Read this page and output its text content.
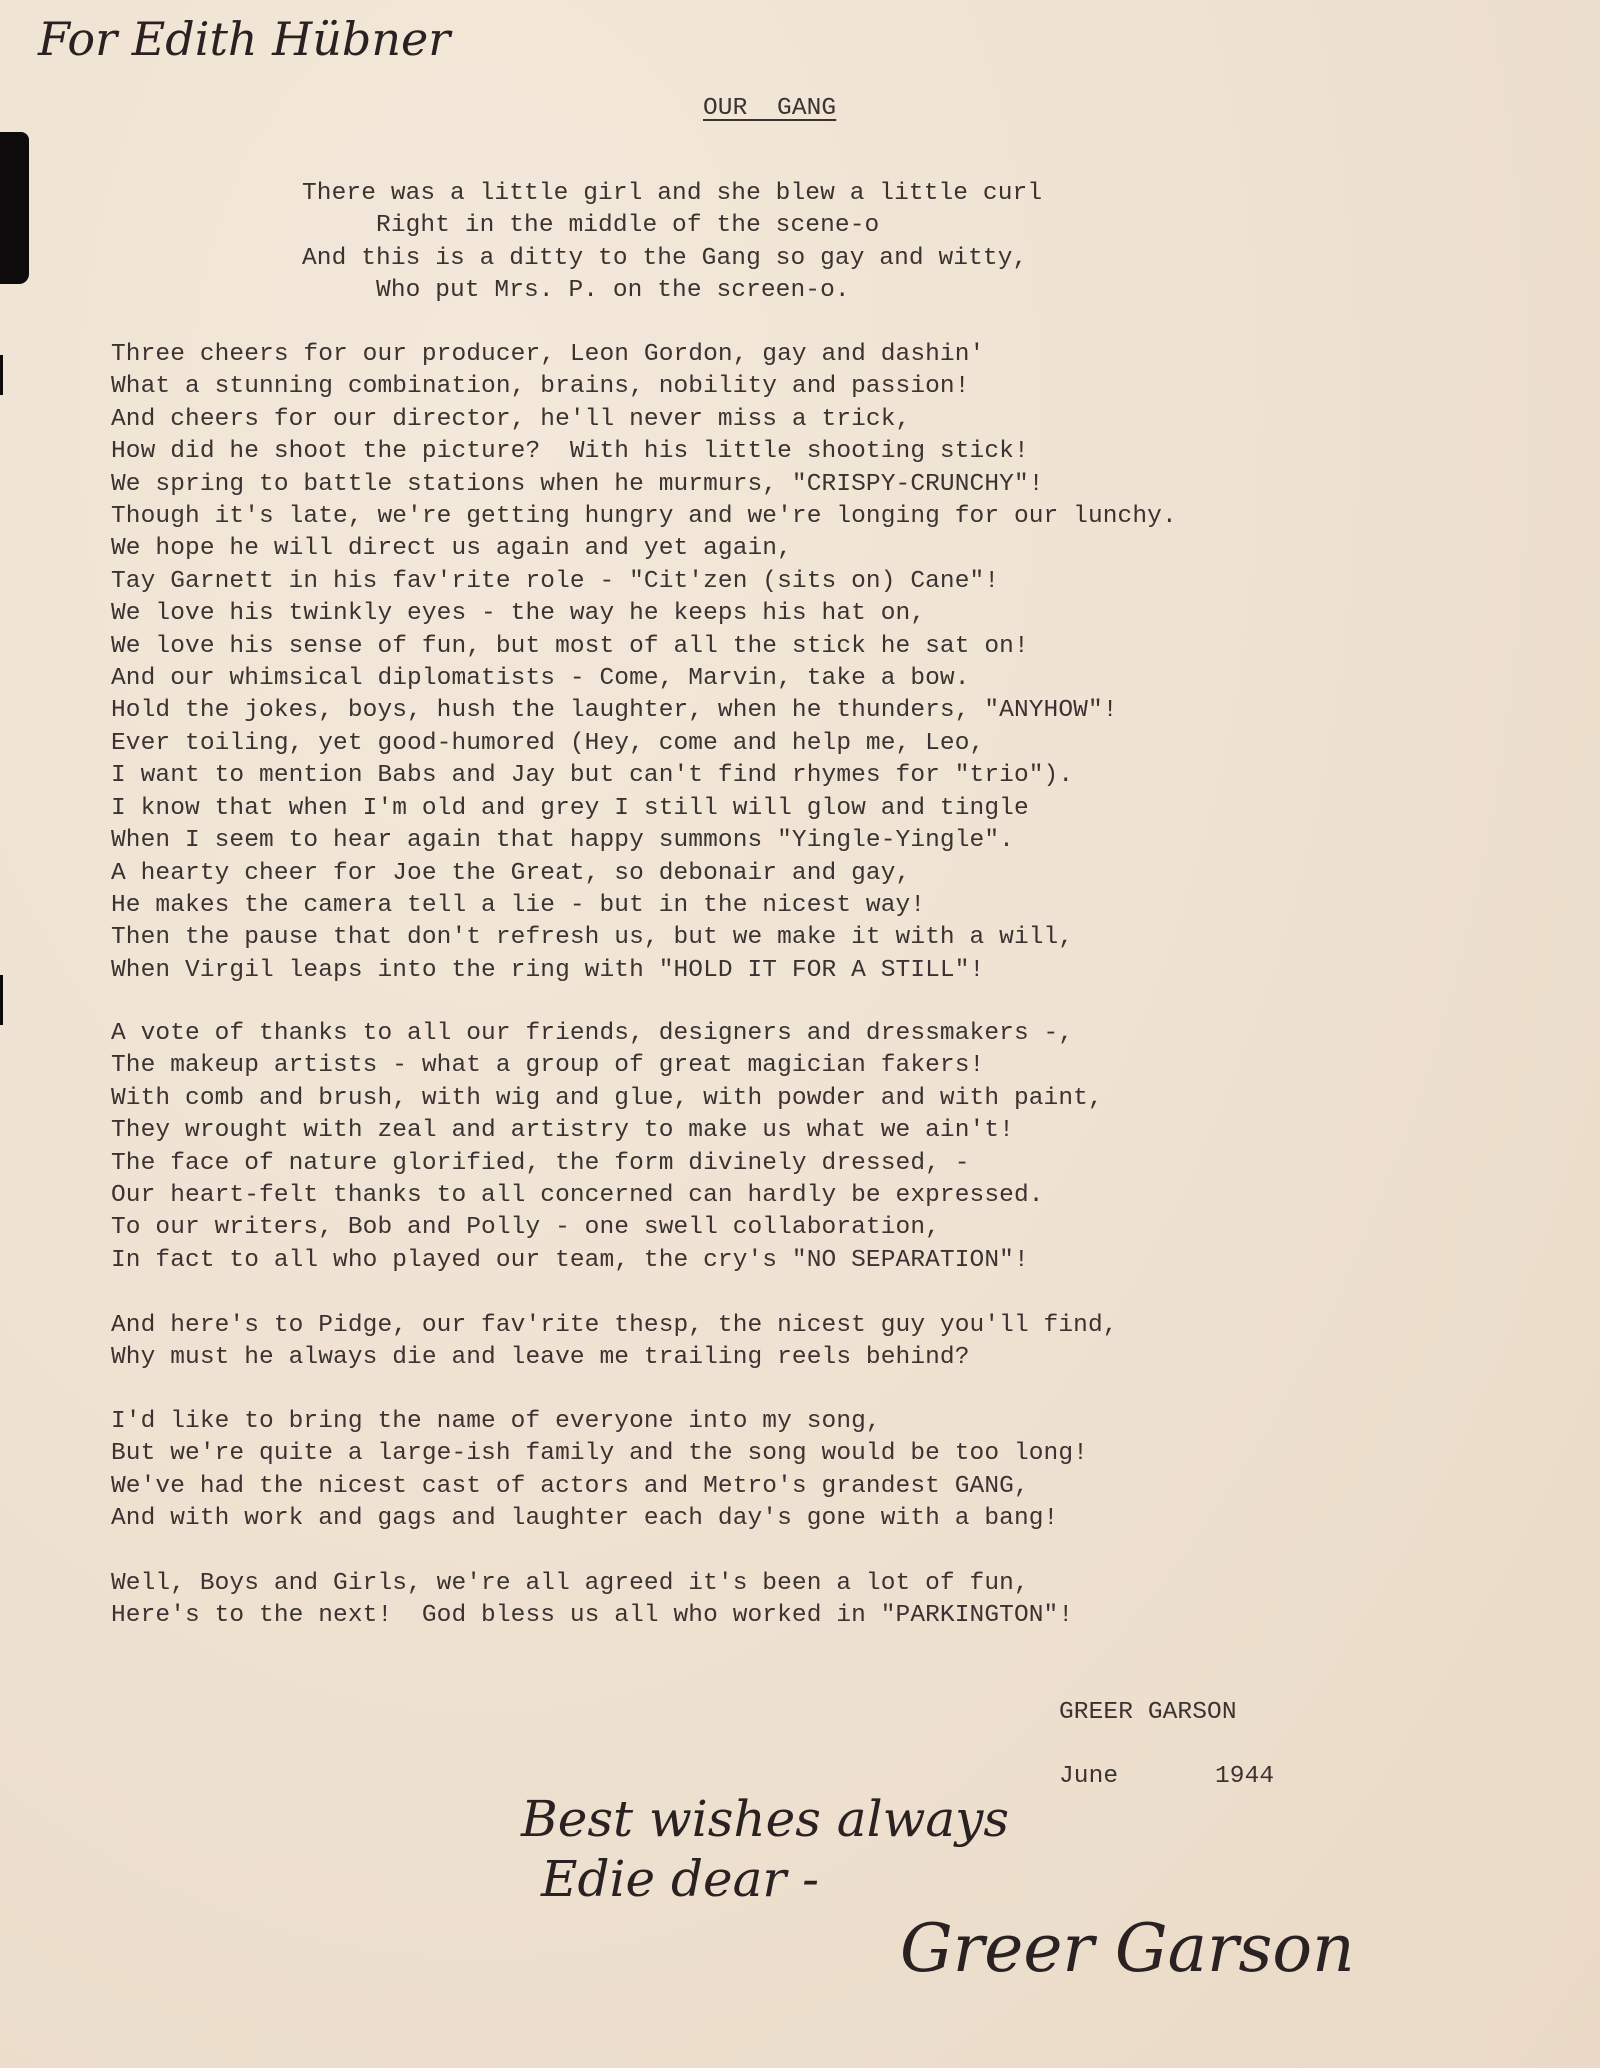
For Edith Hübner
OUR  GANG
There was a little girl and she blew a little curl
Right in the middle of the scene-o
And this is a ditty to the Gang so gay and witty,
Who put Mrs. P. on the screen-o.
Three cheers for our producer, Leon Gordon, gay and dashin'
What a stunning combination, brains, nobility and passion!
And cheers for our director, he'll never miss a trick,
How did he shoot the picture?  With his little shooting stick!
We spring to battle stations when he murmurs, "CRISPY-CRUNCHY"!
Though it's late, we're getting hungry and we're longing for our lunchy.
We hope he will direct us again and yet again,
Tay Garnett in his fav'rite role - "Cit'zen (sits on) Cane"!
We love his twinkly eyes - the way he keeps his hat on,
We love his sense of fun, but most of all the stick he sat on!
And our whimsical diplomatists - Come, Marvin, take a bow.
Hold the jokes, boys, hush the laughter, when he thunders, "ANYHOW"!
Ever toiling, yet good-humored (Hey, come and help me, Leo,
I want to mention Babs and Jay but can't find rhymes for "trio").
I know that when I'm old and grey I still will glow and tingle
When I seem to hear again that happy summons "Yingle-Yingle".
A hearty cheer for Joe the Great, so debonair and gay,
He makes the camera tell a lie - but in the nicest way!
Then the pause that don't refresh us, but we make it with a will,
When Virgil leaps into the ring with "HOLD IT FOR A STILL"!
A vote of thanks to all our friends, designers and dressmakers -,
The makeup artists - what a group of great magician fakers!
With comb and brush, with wig and glue, with powder and with paint,
They wrought with zeal and artistry to make us what we ain't!
The face of nature glorified, the form divinely dressed, -
Our heart-felt thanks to all concerned can hardly be expressed.
To our writers, Bob and Polly - one swell collaboration,
In fact to all who played our team, the cry's "NO SEPARATION"!
And here's to Pidge, our fav'rite thesp, the nicest guy you'll find,
Why must he always die and leave me trailing reels behind?
I'd like to bring the name of everyone into my song,
But we're quite a large-ish family and the song would be too long!
We've had the nicest cast of actors and Metro's grandest GANG,
And with work and gags and laughter each day's gone with a bang!
Well, Boys and Girls, we're all agreed it's been a lot of fun,
Here's to the next!  God bless us all who worked in "PARKINGTON"!
GREER GARSON
June	1944
Best wishes always
Edie dear -
Greer Garson
